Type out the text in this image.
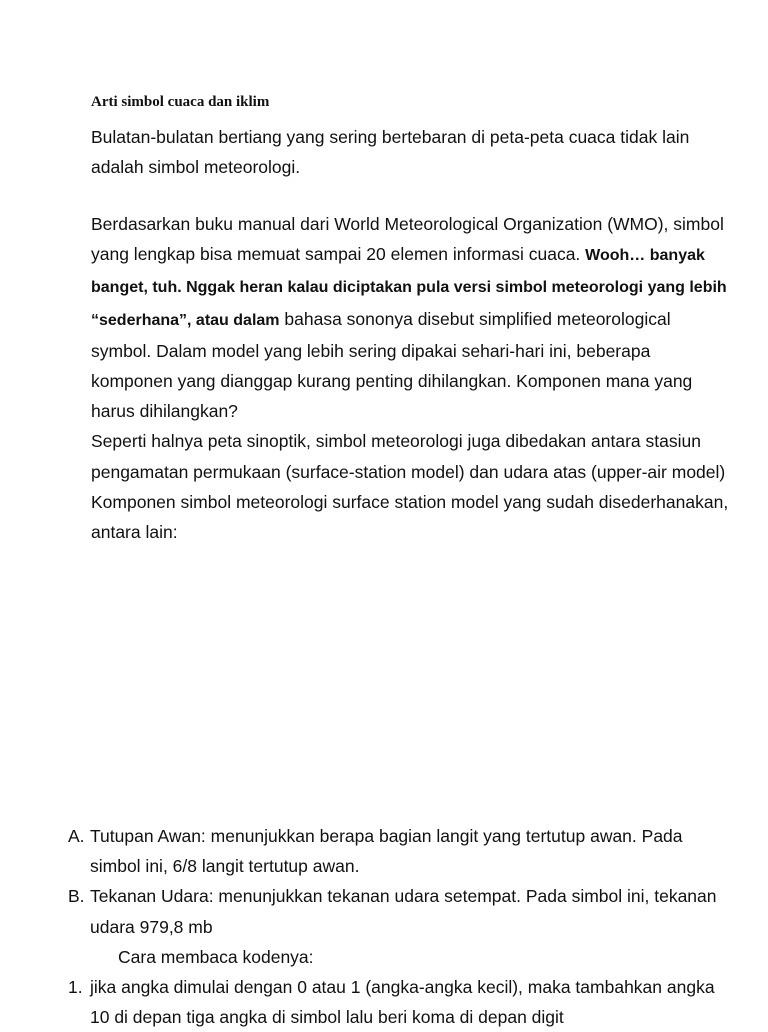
Arti simbol cuaca dan iklim
Bulatan-bulatan bertiang yang sering bertebaran di peta-peta cuaca tidak lain adalah simbol meteorologi.
Berdasarkan buku manual dari World Meteorological Organization (WMO), simbol yang lengkap bisa memuat sampai 20 elemen informasi cuaca. Wooh… banyak banget, tuh. Nggak heran kalau diciptakan pula versi simbol meteorologi yang lebih “sederhana”, atau dalam bahasa sononya disebut simplified meteorological symbol. Dalam model yang lebih sering dipakai sehari-hari ini, beberapa komponen yang dianggap kurang penting dihilangkan. Komponen mana yang harus dihilangkan?
Seperti halnya peta sinoptik, simbol meteorologi juga dibedakan antara stasiun pengamatan permukaan (surface-station model) dan udara atas (upper-air model)
Komponen simbol meteorologi surface station model yang sudah disederhanakan, antara lain:
A. Tutupan Awan: menunjukkan berapa bagian langit yang tertutup awan. Pada simbol ini, 6/8 langit tertutup awan.
B. Tekanan Udara: menunjukkan tekanan udara setempat. Pada simbol ini, tekanan udara 979,8 mb
Cara membaca kodenya:
1. jika angka dimulai dengan 0 atau 1 (angka-angka kecil), maka tambahkan angka 10 di depan tiga angka di simbol lalu beri koma di depan digit
